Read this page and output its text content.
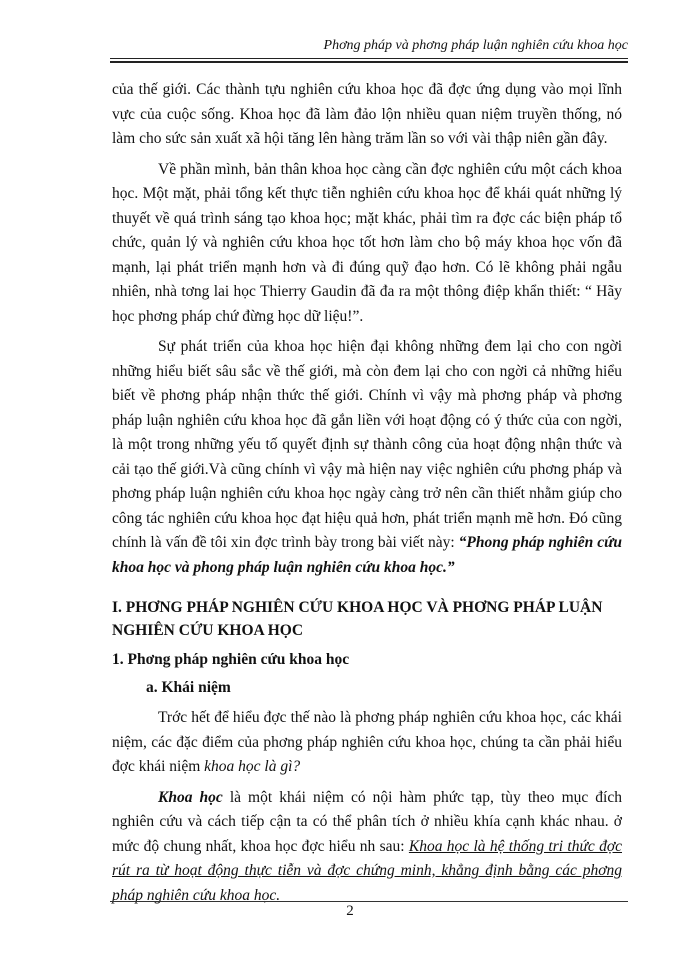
Phơng pháp và phơng pháp luận nghiên cứu khoa học

của thế giới. Các thành tựu nghiên cứu khoa học đã đợc ứng dụng vào mọi lĩnh vực của cuộc sống. Khoa học đã làm đảo lộn nhiều quan niệm truyền thống, nó làm cho sức sản xuất xã hội tăng lên hàng trăm lần so với vài thập niên gần đây.

Về phần mình, bản thân khoa học càng cần đợc nghiên cứu một cách khoa học. Một mặt, phải tổng kết thực tiễn nghiên cứu khoa học để khái quát những lý thuyết về quá trình sáng tạo khoa học; mặt khác, phải tìm ra đợc các biện pháp tổ chức, quản lý và nghiên cứu khoa học tốt hơn làm cho bộ máy khoa học vốn đã mạnh, lại phát triển mạnh hơn và đi đúng quỹ đạo hơn. Có lẽ không phải ngẫu nhiên, nhà tơng lai học Thierry Gaudin đã đa ra một thông điệp khẩn thiết: “ Hãy học phơng pháp chứ đừng học dữ liệu!”.

Sự phát triển của khoa học hiện đại không những đem lại cho con ngời những hiểu biết sâu sắc về thế giới, mà còn đem lại cho con ngời cả những hiểu biết về phơng pháp nhận thức thế giới. Chính vì vậy mà phơng pháp và phơng pháp luận nghiên cứu khoa học đã gắn liền với hoạt động có ý thức của con ngời, là một trong những yếu tố quyết định sự thành công của hoạt động nhận thức và cải tạo thế giới.Và cũng chính vì vậy mà hiện nay việc nghiên cứu phơng pháp và phơng pháp luận nghiên cứu khoa học ngày càng trở nên cần thiết nhằm giúp cho công tác nghiên cứu khoa học đạt hiệu quả hơn, phát triển mạnh mẽ hơn. Đó cũng chính là vấn đề tôi xin đợc trình bày trong bài viết này: “Phong pháp nghiên cứu khoa học và phong pháp luận nghiên cứu khoa học.”

I. PHƠNG PHÁP NGHIÊN CỨU KHOA HỌC VÀ PHƠNG PHÁP LUẬN NGHIÊN CỨU KHOA HỌC
1. Phơng pháp nghiên cứu khoa học
a. Khái niệm

Trớc hết để hiểu đợc thế nào là phơng pháp nghiên cứu khoa học, các khái niệm, các đặc điểm của phơng pháp nghiên cứu khoa học, chúng ta cần phải hiểu đợc khái niệm khoa học là gì?

Khoa học là một khái niệm có nội hàm phức tạp, tùy theo mục đích nghiên cứu và cách tiếp cận ta có thể phân tích ở nhiều khía cạnh khác nhau. ở mức độ chung nhất, khoa học đợc hiểu nh sau: Khoa học là hệ thống tri thức đợc rút ra từ hoạt động thực tiễn và đợc chứng minh, khẳng định bằng các phơng pháp nghiên cứu khoa học.

2
